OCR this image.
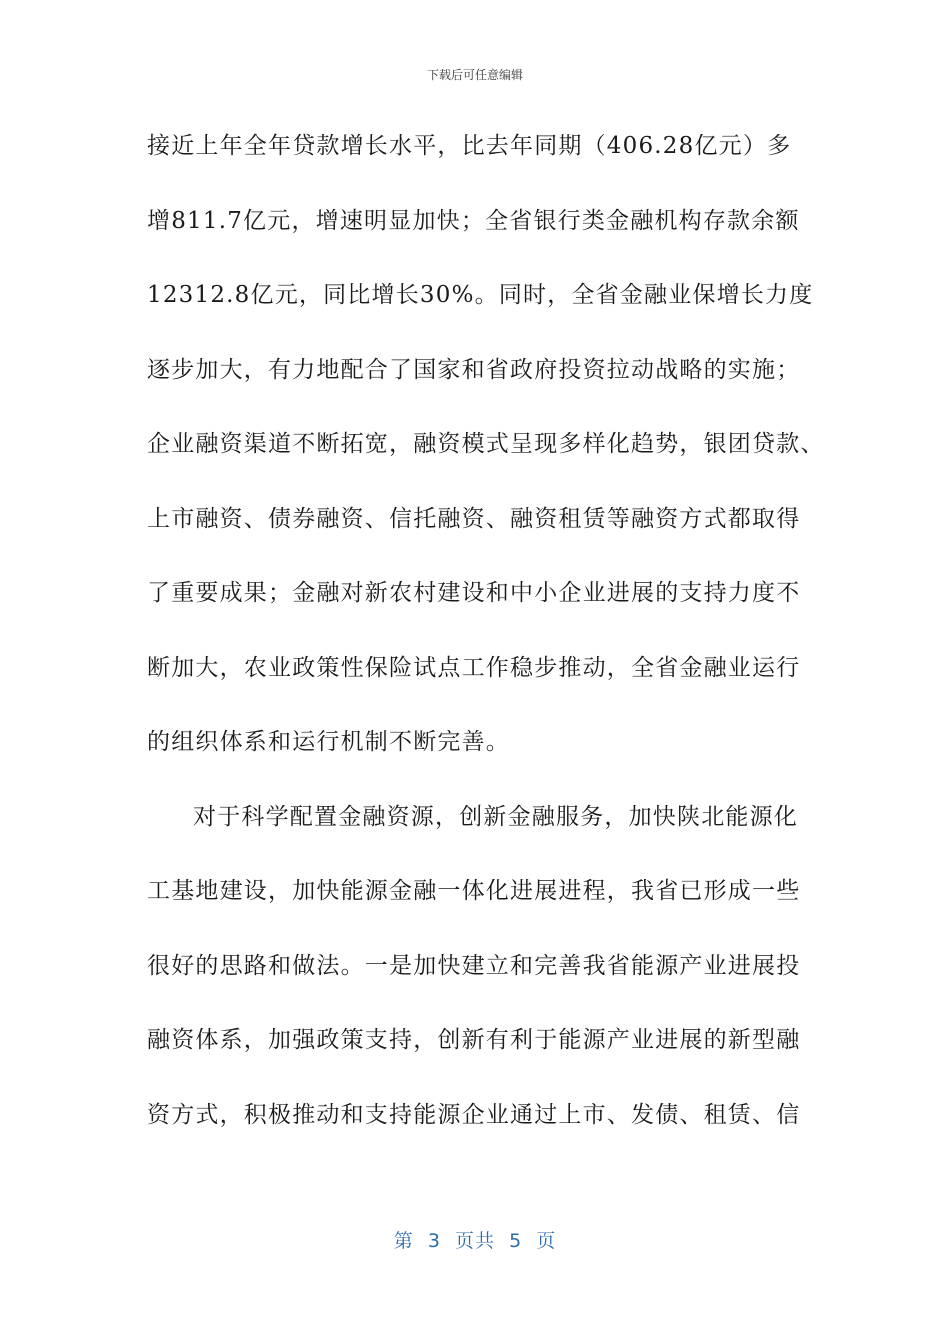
下载后可任意编辑
接近上年全年贷款增长水平，比去年同期（406.28亿元）多
增811.7亿元，增速明显加快；全省银行类金融机构存款余额
12312.8亿元，同比增长30%。同时，全省金融业保增长力度
逐步加大，有力地配合了国家和省政府投资拉动战略的实施；
企业融资渠道不断拓宽，融资模式呈现多样化趋势，银团贷款、
上市融资、债券融资、信托融资、融资租赁等融资方式都取得
了重要成果；金融对新农村建设和中小企业进展的支持力度不
断加大，农业政策性保险试点工作稳步推动，全省金融业运行
的组织体系和运行机制不断完善。
对于科学配置金融资源，创新金融服务，加快陕北能源化
工基地建设，加快能源金融一体化进展进程，我省已形成一些
很好的思路和做法。一是加快建立和完善我省能源产业进展投
融资体系，加强政策支持，创新有利于能源产业进展的新型融
资方式，积极推动和支持能源企业通过上市、发债、租赁、信
第  3  页共  5  页
